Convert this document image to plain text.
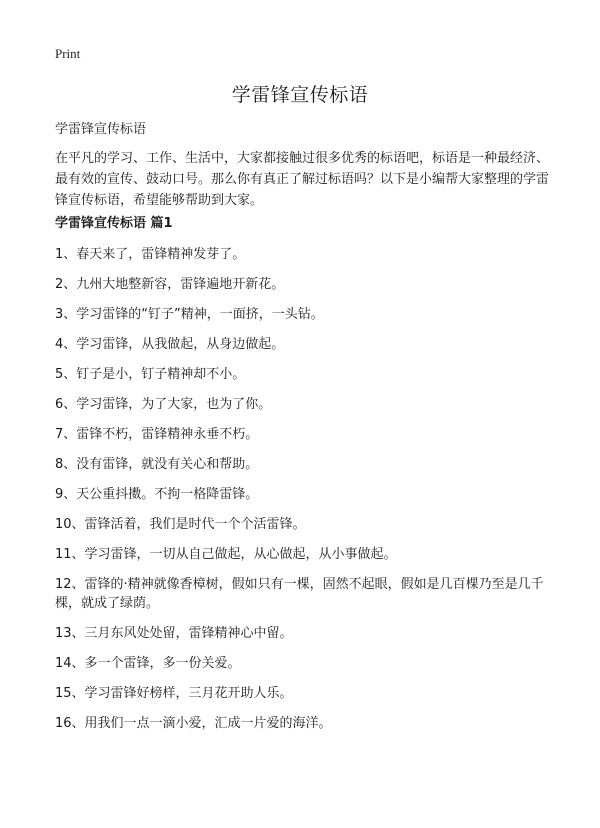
Print
学雷锋宣传标语

学雷锋宣传标语

在平凡的学习、工作、生活中，大家都接触过很多优秀的标语吧，标语是一种最经济、最有效的宣传、鼓动口号。那么你有真正了解过标语吗？以下是小编帮大家整理的学雷锋宣传标语，希望能够帮助到大家。

学雷锋宣传标语 篇1
1、春天来了，雷锋精神发芽了。
2、九州大地整新容，雷锋遍地开新花。
3、学习雷锋的“钉子”精神，一面挤，一头钻。
4、学习雷锋，从我做起，从身边做起。
5、钉子是小，钉子精神却不小。
6、学习雷锋，为了大家，也为了你。
7、雷锋不朽，雷锋精神永垂不朽。
8、没有雷锋，就没有关心和帮助。
9、天公重抖擞。不拘一格降雷锋。
10、雷锋活着，我们是时代一个个活雷锋。
11、学习雷锋，一切从自己做起，从心做起，从小事做起。
12、雷锋的·精神就像香樟树，假如只有一棵，固然不起眼，假如是几百棵乃至是几千棵，就成了绿荫。
13、三月东风处处留，雷锋精神心中留。
14、多一个雷锋，多一份关爱。
15、学习雷锋好榜样，三月花开助人乐。
16、用我们一点一滴小爱，汇成一片爱的海洋。
